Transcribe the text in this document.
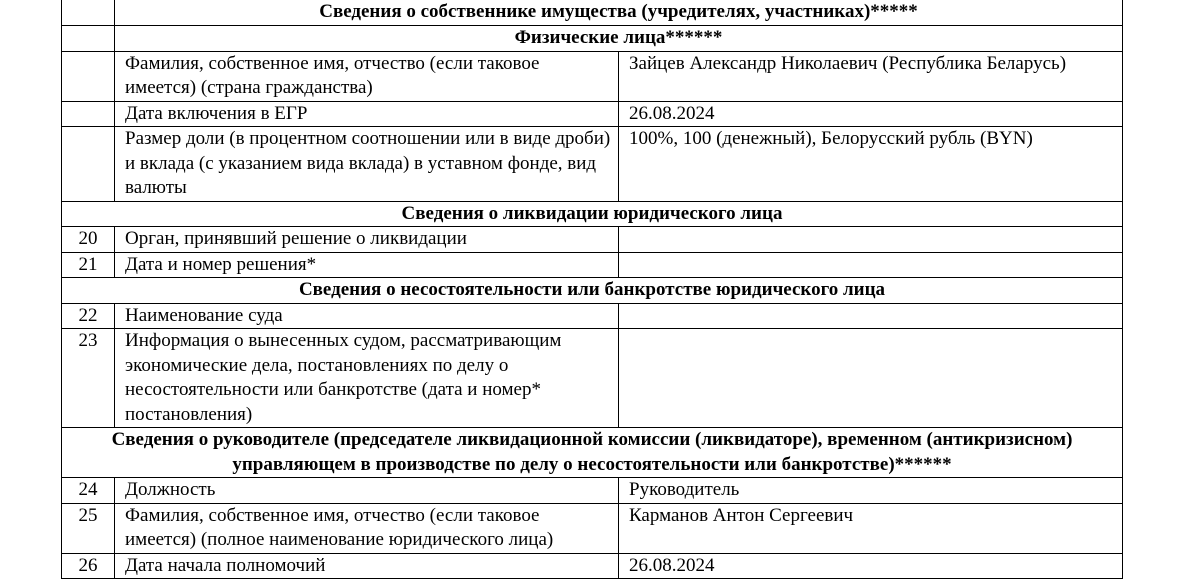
	Сведения о собственнике имущества (учредителях, участниках)*****	
	Физические лица******	
	Фамилия, собственное имя, отчество (если таковое имеется) (страна гражданства)	Зайцев Александр Николаевич (Республика Беларусь)
	Дата включения в ЕГР	26.08.2024
	Размер доли (в процентном соотношении или в виде дроби) и вклада (с указанием вида вклада) в уставном фонде, вид валюты	100%, 100 (денежный), Белорусский рубль (BYN)
Сведения о ликвидации юридического лица		
20	Орган, принявший решение о ликвидации	
21	Дата и номер решения*	
Сведения о несостоятельности или банкротстве юридического лица		
22	Наименование суда	
23	Информация о вынесенных судом, рассматривающим экономические дела, постановлениях по делу о несостоятельности или банкротстве (дата и номер* постановления)	
Сведения о руководителе (председателе ликвидационной комиссии (ликвидаторе), временном (антикризисном) управляющем в производстве по делу о несостоятельности или банкротстве)******		
24	Должность	Руководитель
25	Фамилия, собственное имя, отчество (если таковое имеется) (полное наименование юридического лица)	Карманов Антон Сергеевич
26	Дата начала полномочий	26.08.2024
